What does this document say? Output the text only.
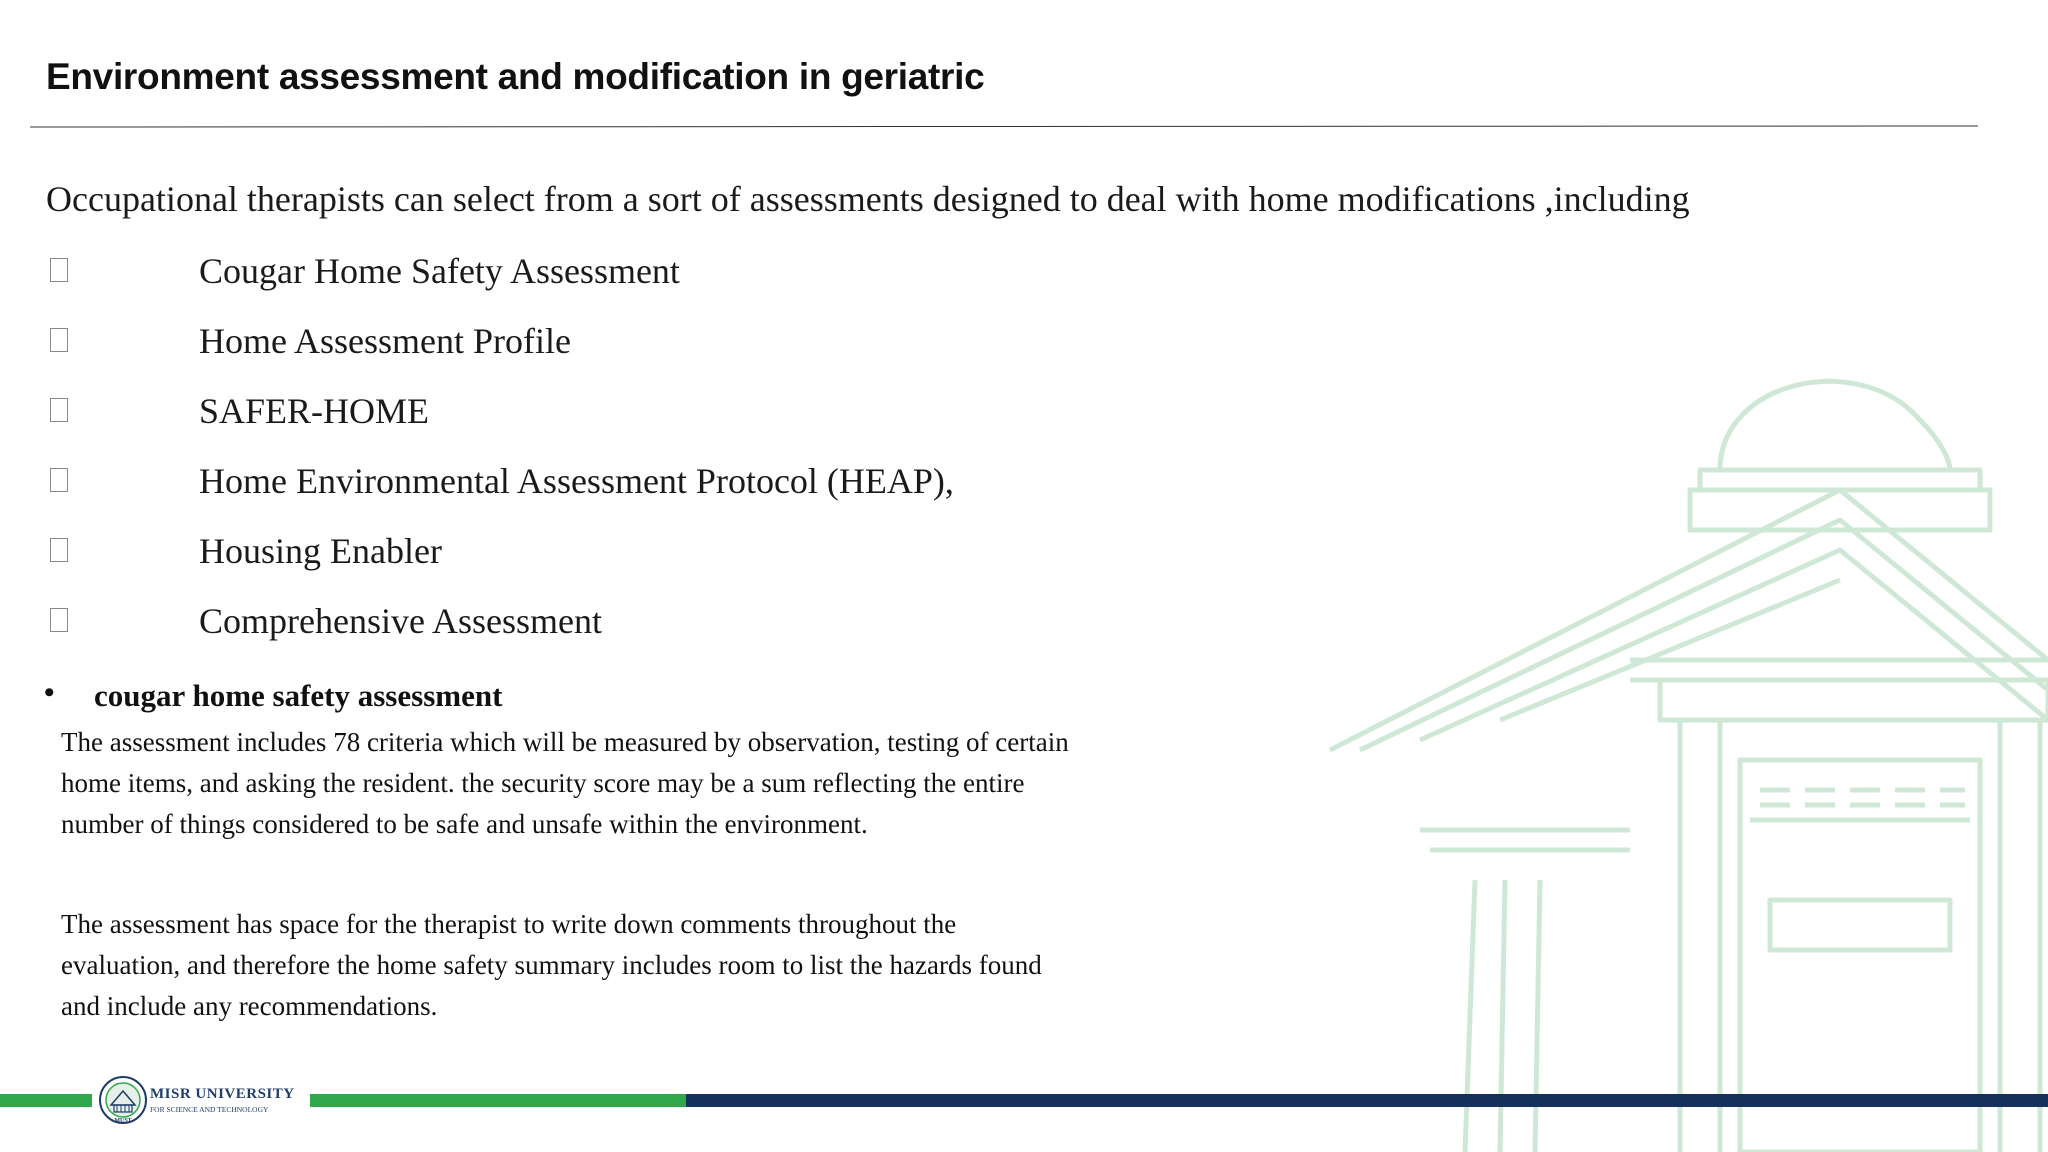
Environment assessment and modification in geriatric
Occupational therapists can select from a sort of assessments designed to deal with home modifications ,including
Cougar Home Safety Assessment
Home Assessment Profile
SAFER-HOME
Home Environmental Assessment Protocol (HEAP),
Housing Enabler
Comprehensive Assessment
• cougar home safety assessment
The assessment includes 78 criteria which will be measured by observation, testing of certain home items, and asking the resident. the security score may be a sum reflecting the entire number of things considered to be safe and unsafe within the environment.
The assessment has space for the therapist to write down comments throughout the evaluation, and therefore the home safety summary includes room to list the hazards found and include any recommendations.
MUST
MISR UNIVERSITY
FOR SCIENCE AND TECHNOLOGY
